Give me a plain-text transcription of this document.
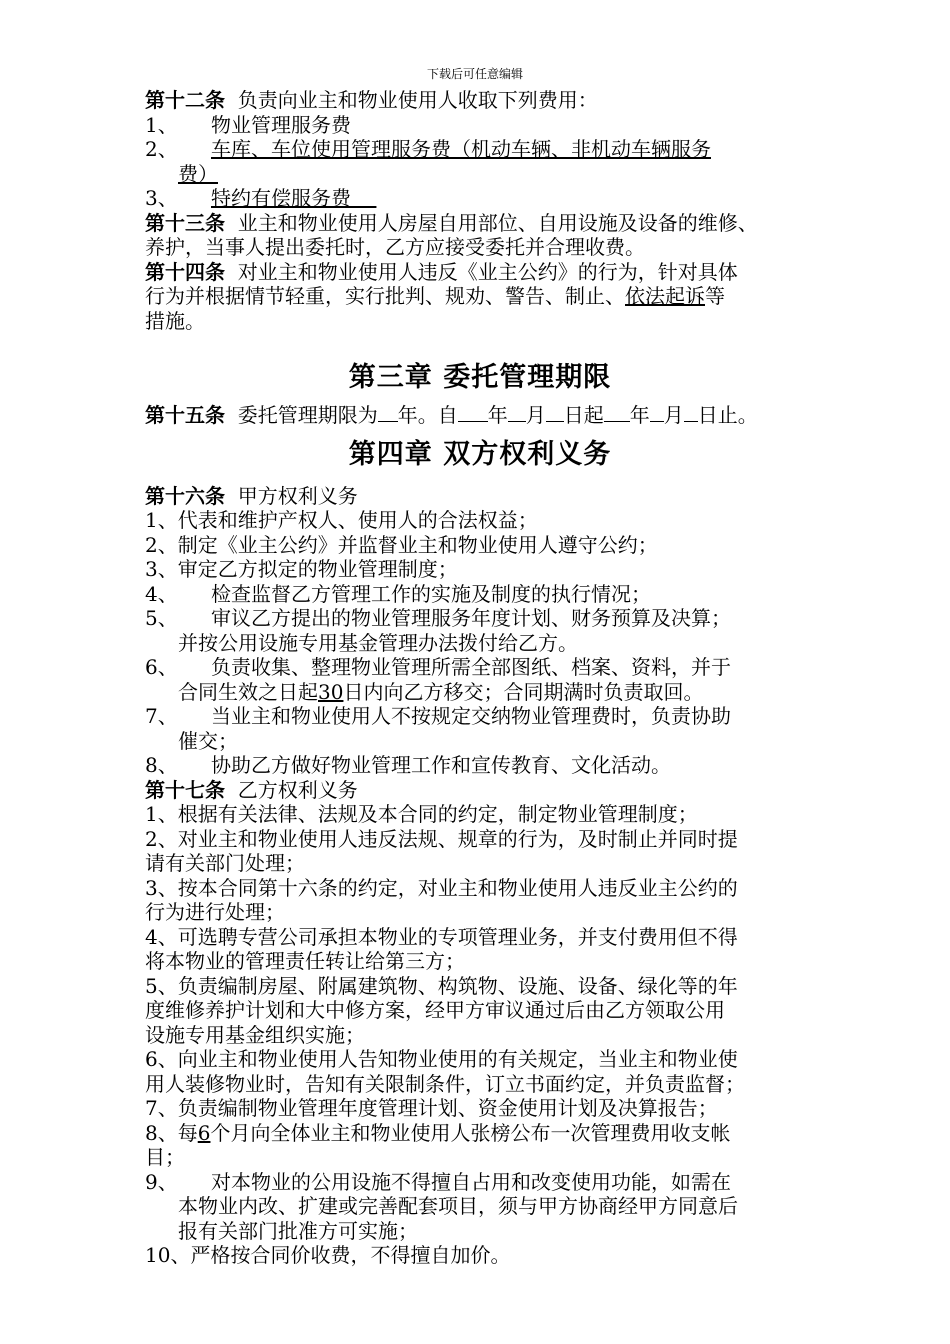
下载后可任意编辑

第十二条 负责向业主和物业使用人收取下列费用：

1、 物业管理服务费

2、 车库、车位使用管理服务费（机动车辆、非机动车辆服务

费）

3、 特约有偿服务费

第十三条 业主和物业使用人房屋自用部位、自用设施及设备的维修、

养护，当事人提出委托时，乙方应接受委托并合理收费。

第十四条 对业主和物业使用人违反《业主公约》的行为，针对具体

行为并根据情节轻重，实行批判、规劝、警告、制止、依法起诉等

措施。

第三章 委托管理期限

第十五条 委托管理期限为 年。自 年 月 日起 年 月 日止。

第四章 双方权利义务

第十六条 甲方权利义务

1、代表和维护产权人、使用人的合法权益；

2、制定《业主公约》并监督业主和物业使用人遵守公约；

3、审定乙方拟定的物业管理制度；

4、 检查监督乙方管理工作的实施及制度的执行情况；

5、 审议乙方提出的物业管理服务年度计划、财务预算及决算；

并按公用设施专用基金管理办法拨付给乙方。

6、 负责收集、整理物业管理所需全部图纸、档案、资料，并于

合同生效之日起30日内向乙方移交；合同期满时负责取回。

7、 当业主和物业使用人不按规定交纳物业管理费时，负责协助

催交；

8、 协助乙方做好物业管理工作和宣传教育、文化活动。

第十七条 乙方权利义务

1、根据有关法律、法规及本合同的约定，制定物业管理制度；

2、对业主和物业使用人违反法规、规章的行为，及时制止并同时提

请有关部门处理；

3、按本合同第十六条的约定，对业主和物业使用人违反业主公约的

行为进行处理；

4、可选聘专营公司承担本物业的专项管理业务，并支付费用但不得

将本物业的管理责任转让给第三方；

5、负责编制房屋、附属建筑物、构筑物、设施、设备、绿化等的年

度维修养护计划和大中修方案，经甲方审议通过后由乙方领取公用

设施专用基金组织实施；

6、向业主和物业使用人告知物业使用的有关规定，当业主和物业使

用人装修物业时，告知有关限制条件，订立书面约定，并负责监督；

7、负责编制物业管理年度管理计划、资金使用计划及决算报告；

8、每6个月向全体业主和物业使用人张榜公布一次管理费用收支帐

目；

9、 对本物业的公用设施不得擅自占用和改变使用功能，如需在

本物业内改、扩建或完善配套项目，须与甲方协商经甲方同意后

报有关部门批准方可实施；

10、严格按合同价收费，不得擅自加价。
